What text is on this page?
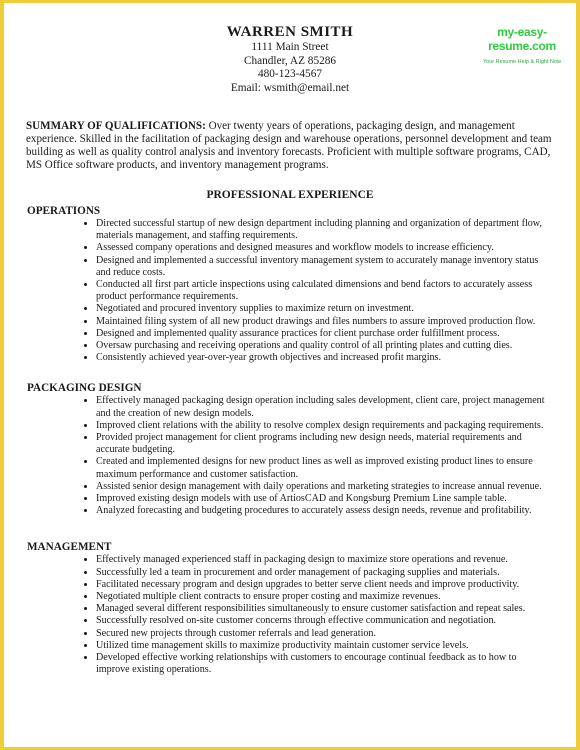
my-easy-resume.com
Your Resume Help & Right Now
WARREN SMITH
1111 Main Street
Chandler, AZ 85286
480-123-4567
Email: wsmith@email.net
SUMMARY OF QUALIFICATIONS: Over twenty years of operations, packaging design, and management experience. Skilled in the facilitation of packaging design and warehouse operations, personnel development and team building as well as quality control analysis and inventory forecasts. Proficient with multiple software programs, CAD, MS Office software products, and inventory management programs.
PROFESSIONAL EXPERIENCE
OPERATIONS
• Directed successful startup of new design department including planning and organization of department flow, materials management, and staffing requirements.
• Assessed company operations and designed measures and workflow models to increase efficiency.
• Designed and implemented a successful inventory management system to accurately manage inventory status and reduce costs.
• Conducted all first part article inspections using calculated dimensions and bend factors to accurately assess product performance requirements.
• Negotiated and procured inventory supplies to maximize return on investment.
• Maintained filing system of all new product drawings and files numbers to assure improved production flow.
• Designed and implemented quality assurance practices for client purchase order fulfillment process.
• Oversaw purchasing and receiving operations and quality control of all printing plates and cutting dies.
• Consistently achieved year-over-year growth objectives and increased profit margins.
PACKAGING DESIGN
• Effectively managed packaging design operation including sales development, client care, project management and the creation of new design models.
• Improved client relations with the ability to resolve complex design requirements and packaging requirements.
• Provided project management for client programs including new design needs, material requirements and accurate budgeting.
• Created and implemented designs for new product lines as well as improved existing product lines to ensure maximum performance and customer satisfaction.
• Assisted senior design management with daily operations and marketing strategies to increase annual revenue.
• Improved existing design models with use of ArtiosCAD and Kongsburg Premium Line sample table.
• Analyzed forecasting and budgeting procedures to accurately assess design needs, revenue and profitability.
MANAGEMENT
• Effectively managed experienced staff in packaging design to maximize store operations and revenue.
• Successfully led a team in procurement and order management of packaging supplies and materials.
• Facilitated necessary program and design upgrades to better serve client needs and improve productivity.
• Negotiated multiple client contracts to ensure proper costing and maximize revenues.
• Managed several different responsibilities simultaneously to ensure customer satisfaction and repeat sales.
• Successfully resolved on-site customer concerns through effective communication and negotiation.
• Secured new projects through customer referrals and lead generation.
• Utilized time management skills to maximize productivity maintain customer service levels.
• Developed effective working relationships with customers to encourage continual feedback as to how to improve existing operations.
